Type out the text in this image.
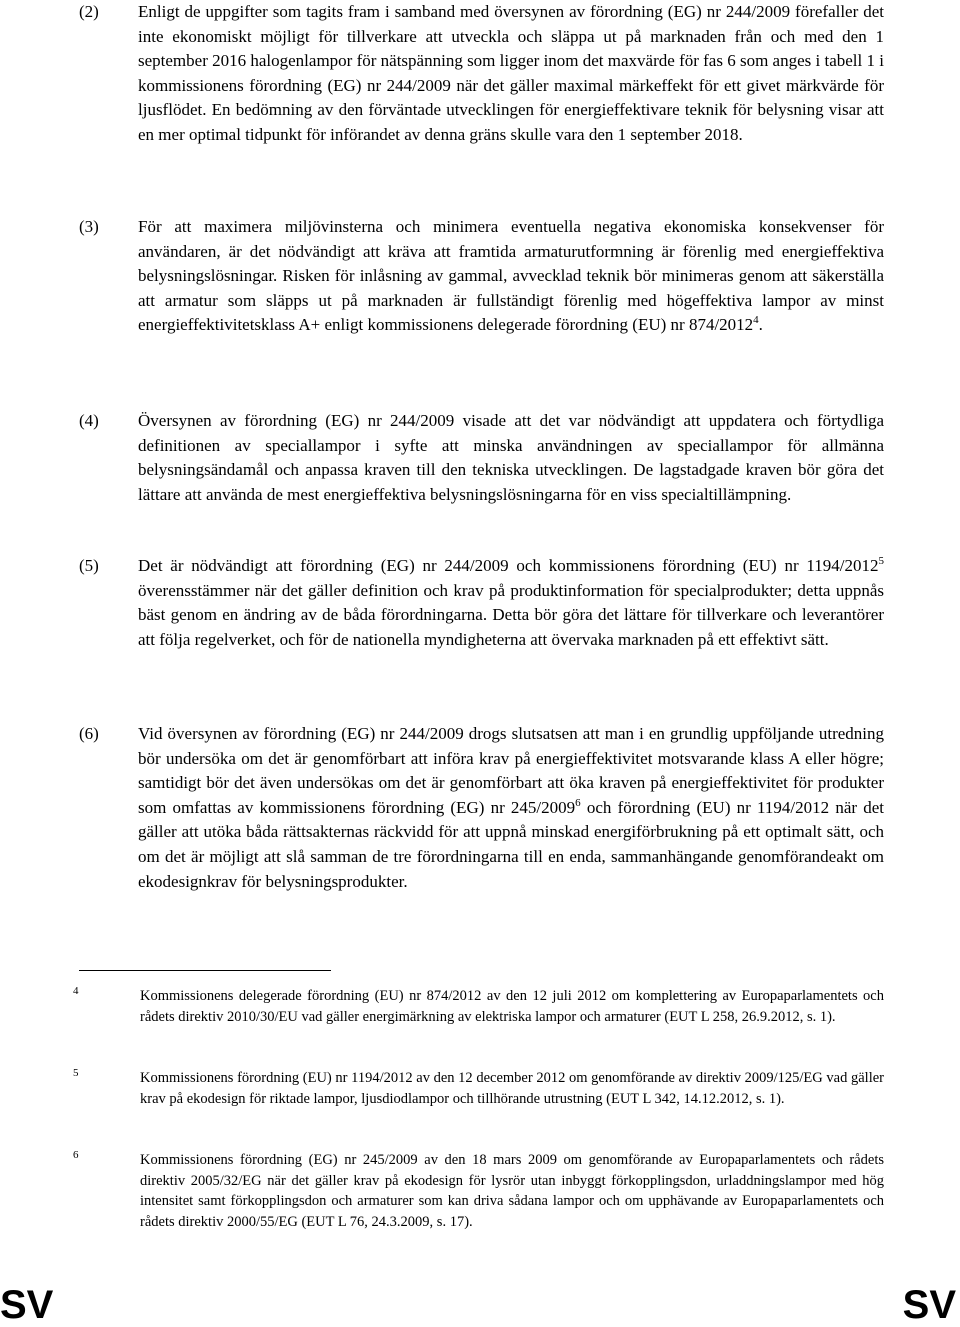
(2) Enligt de uppgifter som tagits fram i samband med översynen av förordning (EG) nr 244/2009 förefaller det inte ekonomiskt möjligt för tillverkare att utveckla och släppa ut på marknaden från och med den 1 september 2016 halogenlampor för nätspänning som ligger inom det maxvärde för fas 6 som anges i tabell 1 i kommissionens förordning (EG) nr 244/2009 när det gäller maximal märkeffekt för ett givet märkvärde för ljusflödet. En bedömning av den förväntade utvecklingen för energieffektivare teknik för belysning visar att en mer optimal tidpunkt för införandet av denna gräns skulle vara den 1 september 2018.
(3) För att maximera miljövinsterna och minimera eventuella negativa ekonomiska konsekvenser för användaren, är det nödvändigt att kräva att framtida armaturutformning är förenlig med energieffektiva belysningslösningar. Risken för inlåsning av gammal, avvecklad teknik bör minimeras genom att säkerställa att armatur som släpps ut på marknaden är fullständigt förenlig med högeffektiva lampor av minst energieffektivitetsklass A+ enligt kommissionens delegerade förordning (EU) nr 874/2012$^4$.
(4) Översynen av förordning (EG) nr 244/2009 visade att det var nödvändigt att uppdatera och förtydliga definitionen av speciallampor i syfte att minska användningen av speciallampor för allmänna belysningsändamål och anpassa kraven till den tekniska utvecklingen. De lagstadgade kraven bör göra det lättare att använda de mest energieffektiva belysningslösningarna för en viss specialtillämpning.
(5) Det är nödvändigt att förordning (EG) nr 244/2009 och kommissionens förordning (EU) nr 1194/2012$^5$ överensstämmer när det gäller definition och krav på produktinformation för specialprodukter; detta uppnås bäst genom en ändring av de båda förordningarna. Detta bör göra det lättare för tillverkare och leverantörer att följa regelverket, och för de nationella myndigheterna att övervaka marknaden på ett effektivt sätt.
(6) Vid översynen av förordning (EG) nr 244/2009 drogs slutsatsen att man i en grundlig uppföljande utredning bör undersöka om det är genomförbart att införa krav på energieffektivitet motsvarande klass A eller högre; samtidigt bör det även undersökas om det är genomförbart att öka kraven på energieffektivitet för produkter som omfattas av kommissionens förordning (EG) nr 245/2009$^6$ och förordning (EU) nr 1194/2012 när det gäller att utöka båda rättsakternas räckvidd för att uppnå minskad energiförbrukning på ett optimalt sätt, och om det är möjligt att slå samman de tre förordningarna till en enda, sammanhängande genomförandeakt om ekodesignkrav för belysningsprodukter.
4	Kommissionens delegerade förordning (EU) nr 874/2012 av den 12 juli 2012 om komplettering av Europaparlamentets och rådets direktiv 2010/30/EU vad gäller energimärkning av elektriska lampor och armaturer (EUT L 258, 26.9.2012, s. 1).
5	Kommissionens förordning (EU) nr 1194/2012 av den 12 december 2012 om genomförande av direktiv 2009/125/EG vad gäller krav på ekodesign för riktade lampor, ljusdiodlampor och tillhörande utrustning (EUT L 342, 14.12.2012, s. 1).
6	Kommissionens förordning (EG) nr 245/2009 av den 18 mars 2009 om genomförande av Europaparlamentets och rådets direktiv 2005/32/EG när det gäller krav på ekodesign för lysrör utan inbyggt förkopplingsdon, urladdningslampor med hög intensitet samt förkopplingsdon och armaturer som kan driva sådana lampor och om upphävande av Europaparlamentets och rådets direktiv 2000/55/EG (EUT L 76, 24.3.2009, s. 17).
SV	SV
